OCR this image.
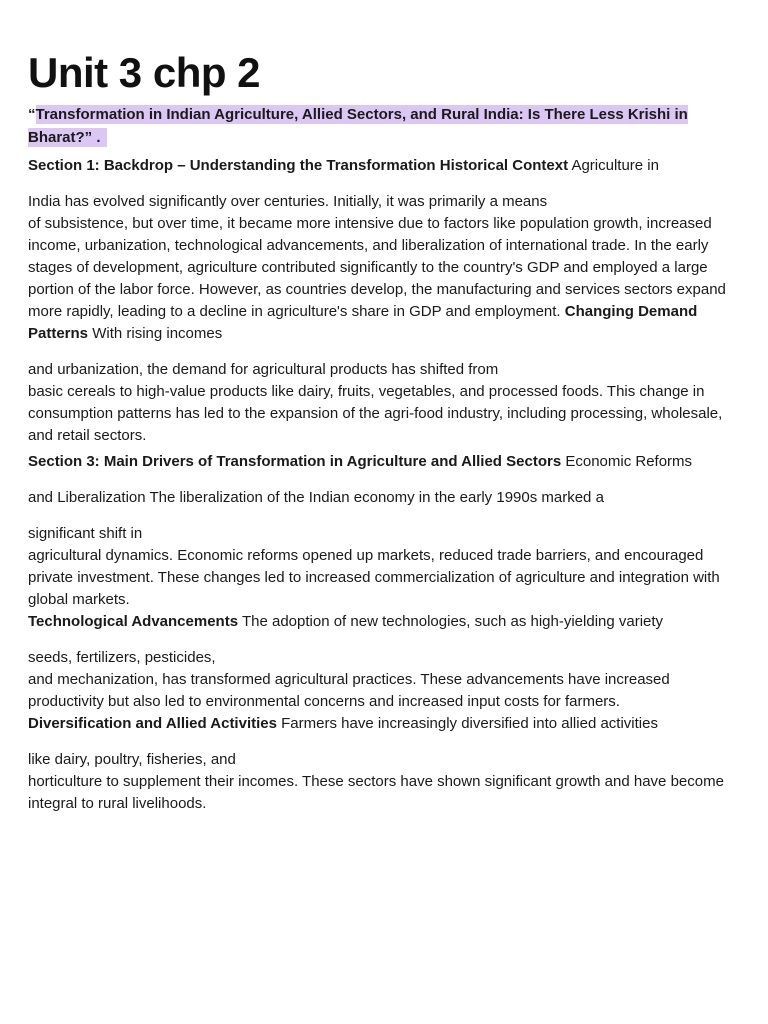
Unit 3 chp 2
“Transformation in Indian Agriculture, Allied Sectors, and Rural India: Is There Less Krishi in Bharat?” .

Section 1: Backdrop – Understanding the Transformation Historical Context Agriculture in

India has evolved significantly over centuries. Initially, it was primarily a means

of subsistence, but over time, it became more intensive due to factors like population growth, increased income, urbanization, technological advancements, and liberalization of international trade. In the early stages of development, agriculture contributed significantly to the country's GDP and employed a large portion of the labor force. However, as countries develop, the manufacturing and services sectors expand more rapidly, leading to a decline in agriculture's share in GDP and employment. Changing Demand Patterns With rising incomes

and urbanization, the demand for agricultural products has shifted from

basic cereals to high-value products like dairy, fruits, vegetables, and processed foods. This change in consumption patterns has led to the expansion of the agri-food industry, including processing, wholesale, and retail sectors.

Section 3: Main Drivers of Transformation in Agriculture and Allied Sectors Economic Reforms

and Liberalization The liberalization of the Indian economy in the early 1990s marked a

significant shift in

agricultural dynamics. Economic reforms opened up markets, reduced trade barriers, and encouraged private investment. These changes led to increased commercialization of agriculture and integration with global markets.

Technological Advancements The adoption of new technologies, such as high-yielding variety

seeds, fertilizers, pesticides,

and mechanization, has transformed agricultural practices. These advancements have increased productivity but also led to environmental concerns and increased input costs for farmers.

Diversification and Allied Activities Farmers have increasingly diversified into allied activities

like dairy, poultry, fisheries, and

horticulture to supplement their incomes. These sectors have shown significant growth and have become integral to rural livelihoods.
